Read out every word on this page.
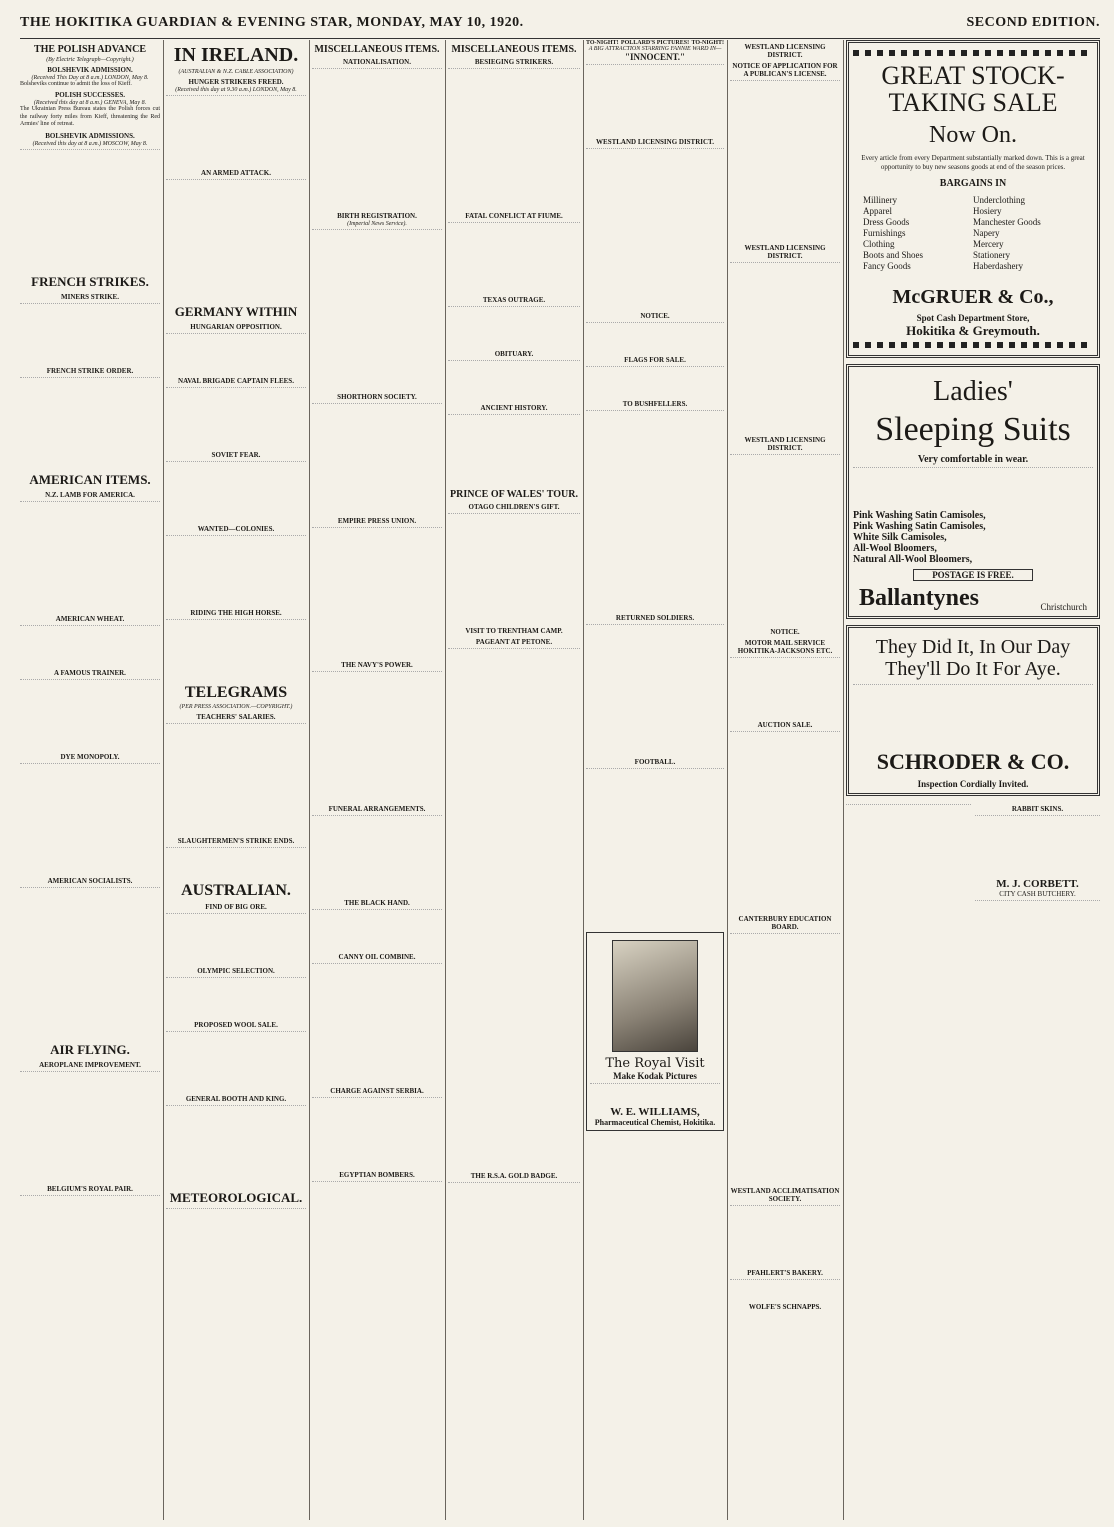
THE HOKITIKA GUARDIAN & EVENING STAR, MONDAY, MAY 10, 1920.	SECOND EDITION.
THE POLISH ADVANCE
(By Electric Telegraph—Copyright.)
BOLSHEVIK ADMISSION.
(Received This Day at 8 a.m.) LONDON, May 8.
Bolsheviks continue to admit the loss of Kieff.
POLISH SUCCESSES.
(Received this day at 8 a.m.) GENEVA, May 8.
The Ukrainian Press Bureau states the Polish forces cut the railway forty miles from Kieff, threatening the Red Armies' line of retreat.
BOLSHEVIK ADMISSIONS.
(Received this day at 8 a.m.) MOSCOW, May 8.
FRENCH STRIKES.
MINERS STRIKE.
FRENCH STRIKE ORDER.
AMERICAN ITEMS.
N.Z. LAMB FOR AMERICA.
AMERICAN WHEAT.
A FAMOUS TRAINER.
DYE MONOPOLY.
AMERICAN SOCIALISTS.
AIR FLYING.
AEROPLANE IMPROVEMENT.
BELGIUM'S ROYAL PAIR.
IN IRELAND.
(AUSTRALIAN & N.Z. CABLE ASSOCIATION)
HUNGER STRIKERS FREED.
(Received this day at 9.30 a.m.) LONDON, May 8.
AN ARMED ATTACK.
GERMANY WITHIN
HUNGARIAN OPPOSITION.
NAVAL BRIGADE CAPTAIN FLEES.
SOVIET FEAR.
WANTED—COLONIES.
RIDING THE HIGH HORSE.
TELEGRAMS
(PER PRESS ASSOCIATION.—COPYRIGHT.)
TEACHERS' SALARIES.
SLAUGHTERMEN'S STRIKE ENDS.
AUSTRALIAN.
FIND OF BIG ORE.
OLYMPIC SELECTION.
PROPOSED WOOL SALE.
GENERAL BOOTH AND KING.
METEOROLOGICAL.
MISCELLANEOUS ITEMS.
NATIONALISATION.
BIRTH REGISTRATION.
(Imperial News Service).
SHORTHORN SOCIETY.
EMPIRE PRESS UNION.
THE NAVY'S POWER.
FUNERAL ARRANGEMENTS.
THE BLACK HAND.
CANNY OIL COMBINE.
CHARGE AGAINST SERBIA.
EGYPTIAN BOMBERS.
MISCELLANEOUS ITEMS.
BESIEGING STRIKERS.
FATAL CONFLICT AT FIUME.
TEXAS OUTRAGE.
OBITUARY.
ANCIENT HISTORY.
PRINCE OF WALES' TOUR.
OTAGO CHILDREN'S GIFT.
VISIT TO TRENTHAM CAMP.
PAGEANT AT PETONE.
THE R.S.A. GOLD BADGE.
TO-NIGHT! POLLARD'S PICTURES! TO-NIGHT!
A BIG ATTRACTION STARRING FANNIE WARD IN—
"INNOCENT."
WESTLAND LICENSING DISTRICT.
NOTICE.
FLAGS FOR SALE.
TO BUSHFELLERS.
RETURNED SOLDIERS.
FOOTBALL.
The Royal Visit
Make Kodak Pictures
W. E. WILLIAMS,
Pharmaceutical Chemist, Hokitika.
WESTLAND LICENSING DISTRICT.
NOTICE OF APPLICATION FOR A PUBLICAN'S LICENSE.
WESTLAND LICENSING DISTRICT.
WESTLAND LICENSING DISTRICT.
NOTICE.
MOTOR MAIL SERVICE HOKITIKA-JACKSONS ETC.
AUCTION SALE.
CANTERBURY EDUCATION BOARD.
WESTLAND ACCLIMATISATION SOCIETY.
PFAHLERT'S BAKERY.
WOLFE'S SCHNAPPS.
GREAT STOCK-TAKING SALE
Now On.
Every article from every Department substantially marked down. This is a great opportunity to buy new seasons goods at end of the season prices.
BARGAINS IN
Millinery
Apparel
Dress Goods
Furnishings
Clothing
Boots and Shoes
Fancy Goods
Underclothing
Hosiery
Manchester Goods
Napery
Mercery
Stationery
Haberdashery
McGRUER & Co.,
Spot Cash Department Store,
Hokitika & Greymouth.
Ladies'
Sleeping Suits
Very comfortable in wear.
Pink Washing Satin Camisoles,
Pink Washing Satin Camisoles,
White Silk Camisoles,
All-Wool Bloomers,
Natural All-Wool Bloomers,
POSTAGE IS FREE.
Ballantynes	Christchurch
They Did It, In Our Day They'll Do It For Aye.
SCHRODER & CO.
Inspection Cordially Invited.
RABBIT SKINS.
M. J. CORBETT.
CITY CASH BUTCHERY.
